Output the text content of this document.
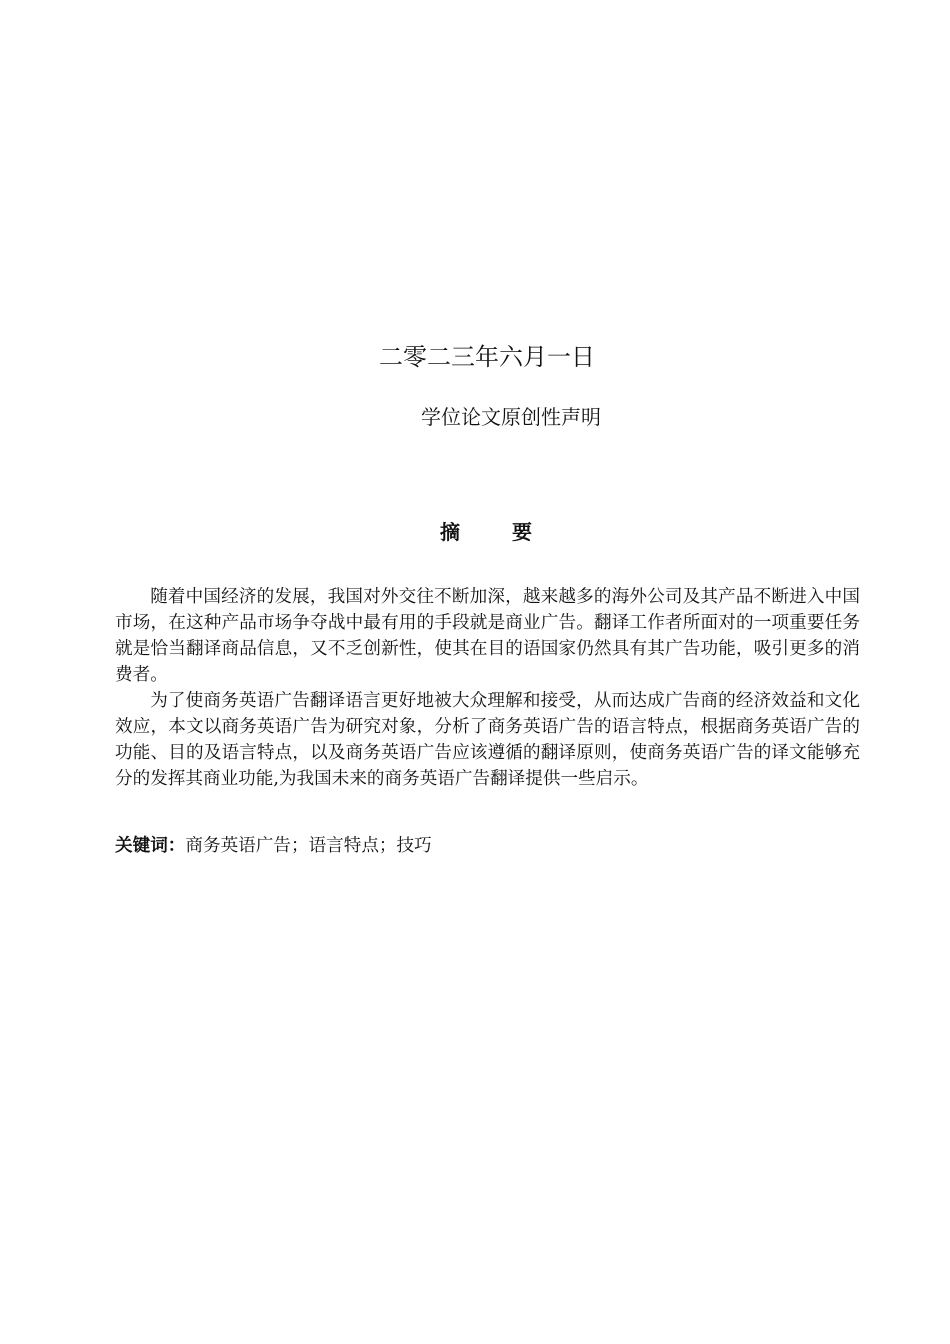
二零二三年六月一日
学位论文原创性声明
摘	要

随着中国经济的发展，我国对外交往不断加深，越来越多的海外公司及其产品不断进入中国市场，在这种产品市场争夺战中最有用的手段就是商业广告。翻译工作者所面对的一项重要任务就是恰当翻译商品信息，又不乏创新性，使其在目的语国家仍然具有其广告功能，吸引更多的消费者。

为了使商务英语广告翻译语言更好地被大众理解和接受，从而达成广告商的经济效益和文化效应，本文以商务英语广告为研究对象，分析了商务英语广告的语言特点，根据商务英语广告的功能、目的及语言特点，以及商务英语广告应该遵循的翻译原则，使商务英语广告的译文能够充分的发挥其商业功能,为我国未来的商务英语广告翻译提供一些启示。

关键词：商务英语广告；语言特点；技巧
